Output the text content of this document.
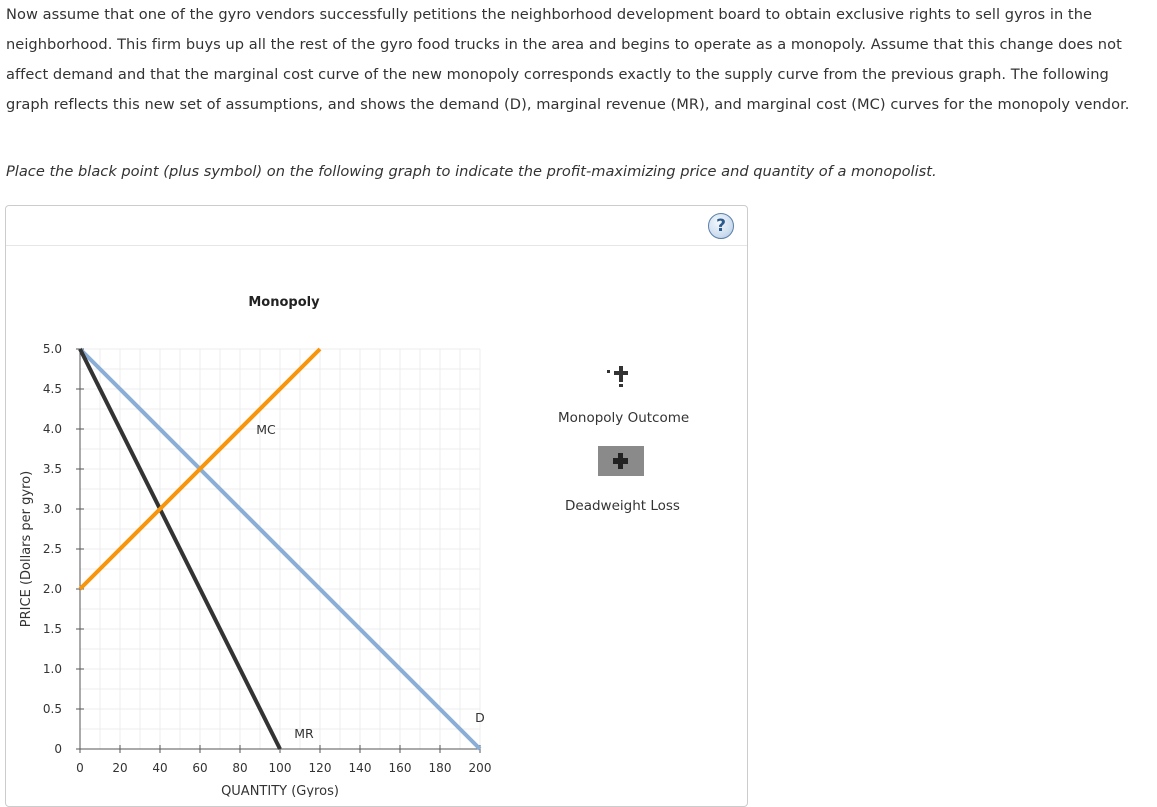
Now assume that one of the gyro vendors successfully petitions the neighborhood development board to obtain exclusive rights to sell gyros in the
neighborhood. This firm buys up all the rest of the gyro food trucks in the area and begins to operate as a monopoly. Assume that this change does not
affect demand and that the marginal cost curve of the new monopoly corresponds exactly to the supply curve from the previous graph. The following
graph reflects this new set of assumptions, and shows the demand (D), marginal revenue (MR), and marginal cost (MC) curves for the monopoly vendor.
Place the black point (plus symbol) on the following graph to indicate the profit-maximizing price and quantity of a monopolist.
?
0 20 40 60 80 100 120 140 160 180 200
0
0.5
1.0
1.5
2.0
2.5
3.0
3.5
4.0
4.5
5.0
Monopoly
QUANTITY (Gyros)
PRICE (Dollars per gyro)
MC
MR
D
Monopoly Outcome
Deadweight Loss
